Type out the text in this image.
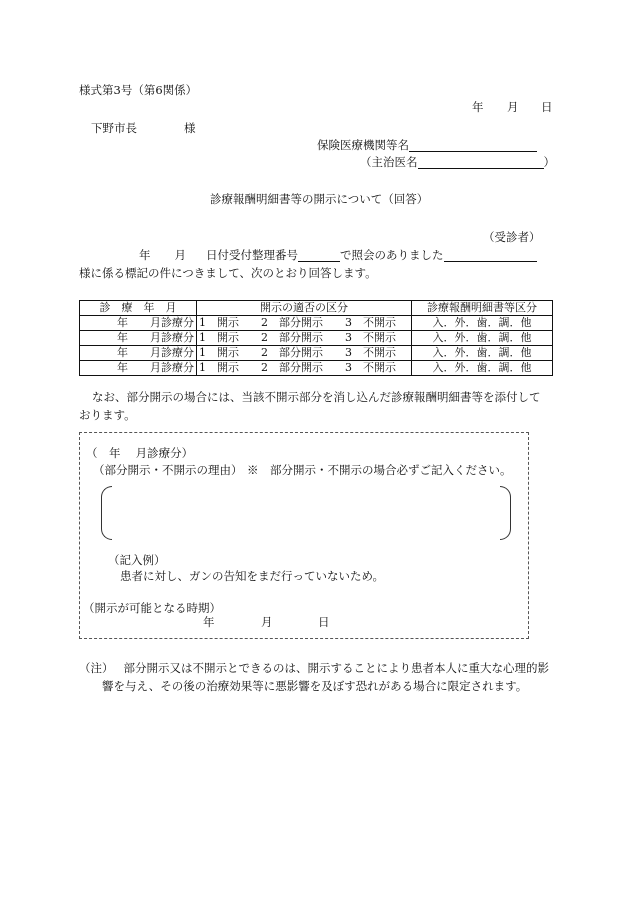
様式第3号（第6関係）
年 月 日
下野市長	様
保険医療機関等名
（主治医名	）
診療報酬明細書等の開示について（回答）
（受診者）
年 月 日付受付整理番号	で照会のありました
様に係る標記の件につきまして、次のとおり回答します。
診　療　年　月	開示の適否の区分	診療報酬明細書等区分
年　　月診療分	1　開示　　2　部分開示　　3　不開示	入．外．歯．調．他
年　　月診療分	1　開示　　2　部分開示　　3　不開示	入．外．歯．調．他
年　　月診療分	1　開示　　2　部分開示　　3　不開示	入．外．歯．調．他
年　　月診療分	1　開示　　2　部分開示　　3　不開示	入．外．歯．調．他
なお、部分開示の場合には、当該不開示部分を消し込んだ診療報酬明細書等を添付して
おります。
（　年　 月診療分）
（部分開示・不開示の理由） ※　部分開示・不開示の場合必ずご記入ください。
（記入例）
患者に対し、ガンの告知をまだ行っていないため。
（開示が可能となる時期）
年	月	日
（注） 部分開示又は不開示とできるのは、開示することにより患者本人に重大な心理的影
響を与え、その後の治療効果等に悪影響を及ぼす恐れがある場合に限定されます。
